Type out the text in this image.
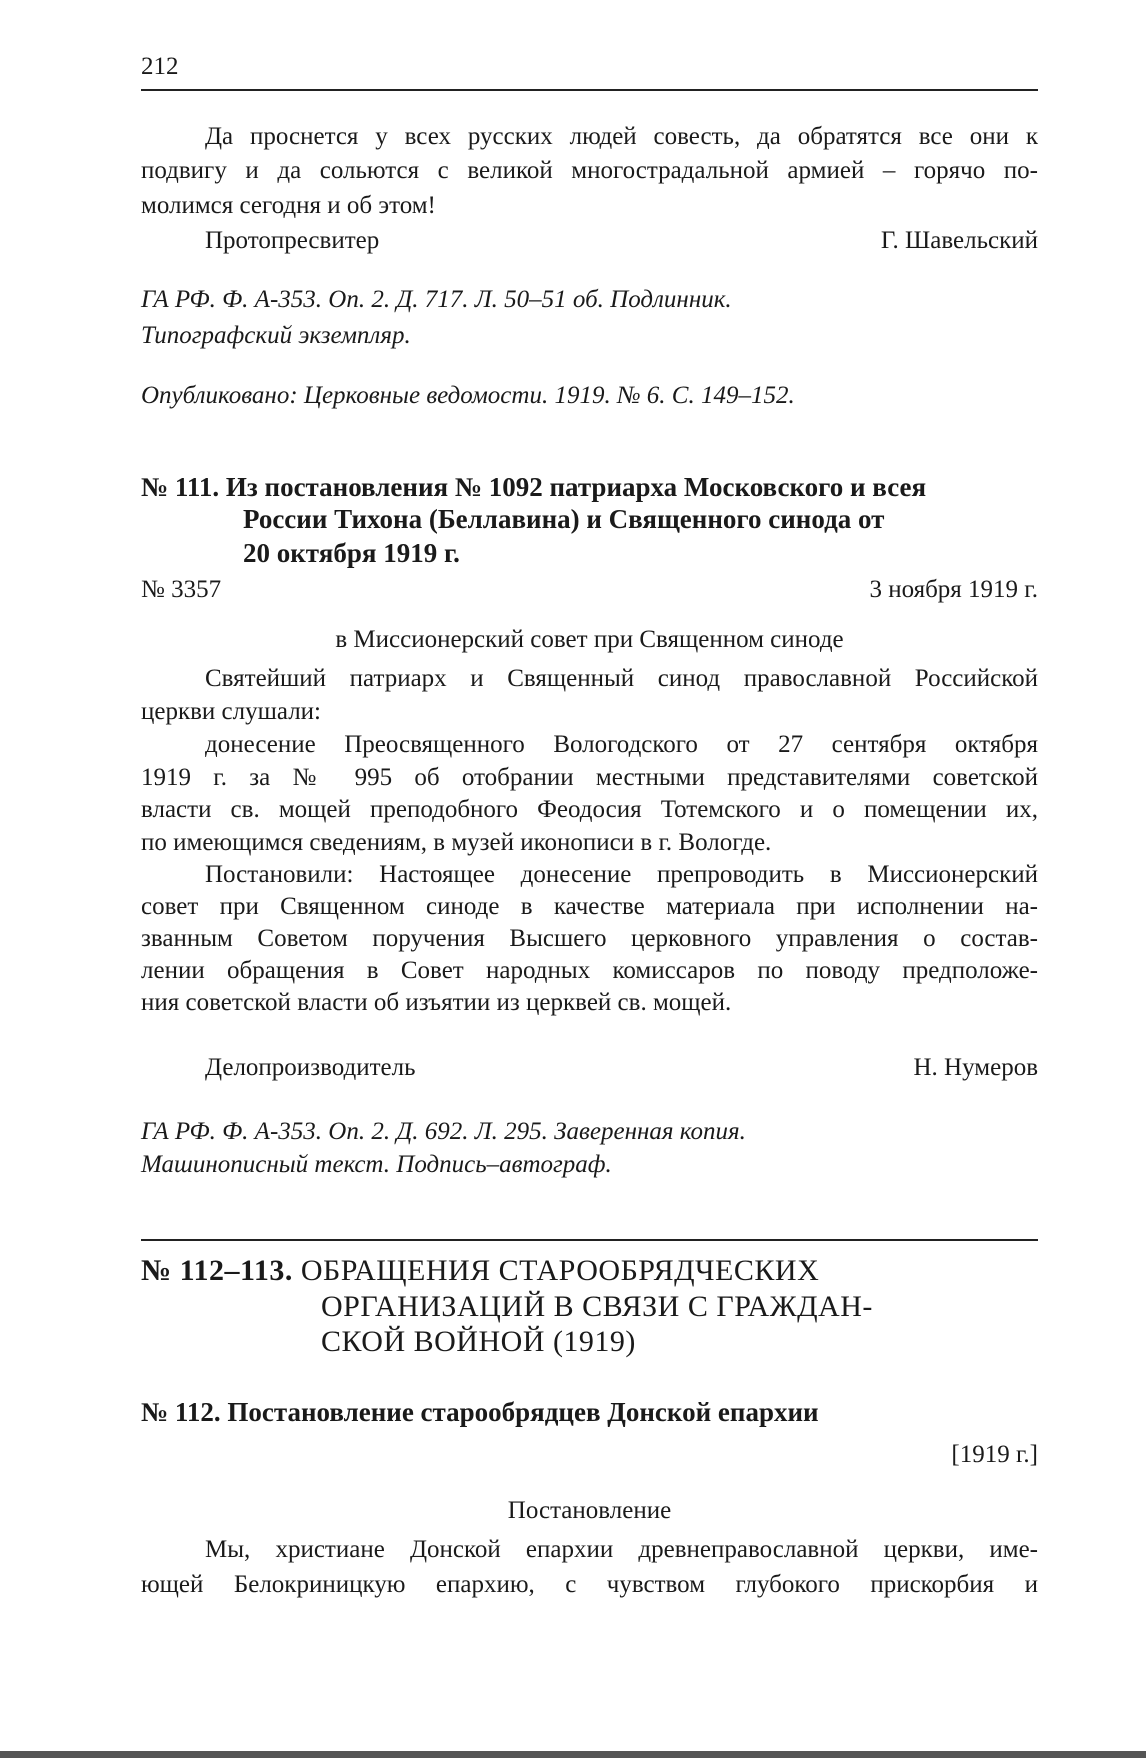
212
Да проснется у всех русских людей совесть, да обратятся все они к
подвигу и да сольются с великой многострадальной армией – горячо по-
молимся сегодня и об этом!
Протопресвитер	Г. Шавельский
ГА РФ. Ф. А-353. Оп. 2. Д. 717. Л. 50–51 об. Подлинник.
Типографский экземпляр.
Опубликовано: Церковные ведомости. 1919. № 6. С. 149–152.
№ 111. Из постановления № 1092 патриарха Московского и всея
России Тихона (Беллавина) и Священного синода от
20 октября 1919 г.
№ 3357	3 ноября 1919 г.
в Миссионерский совет при Священном синоде
Святейший патриарх и Священный синод православной Российской
церкви слушали:
донесение Преосвященного Вологодского от 27 сентября октября
1919 г. за № 995 об отобрании местными представителями советской
власти св. мощей преподобного Феодосия Тотемского и о помещении их,
по имеющимся сведениям, в музей иконописи в г. Вологде.
Постановили: Настоящее донесение препроводить в Миссионерский
совет при Священном синоде в качестве материала при исполнении на-
званным Советом поручения Высшего церковного управления о состав-
лении обращения в Совет народных комиссаров по поводу предположе-
ния советской власти об изъятии из церквей св. мощей.
Делопроизводитель	Н. Нумеров
ГА РФ. Ф. А-353. Оп. 2. Д. 692. Л. 295. Заверенная копия.
Машинописный текст. Подпись–автограф.
№ 112–113. ОБРАЩЕНИЯ СТАРООБРЯДЧЕСКИХ
ОРГАНИЗАЦИЙ В СВЯЗИ С ГРАЖДАН-
СКОЙ ВОЙНОЙ (1919)
№ 112. Постановление старообрядцев Донской епархии
[1919 г.]
Постановление
Мы, христиане Донской епархии древнеправославной церкви, име-
ющей Белокриницкую епархию, с чувством глубокого прискорбия и
